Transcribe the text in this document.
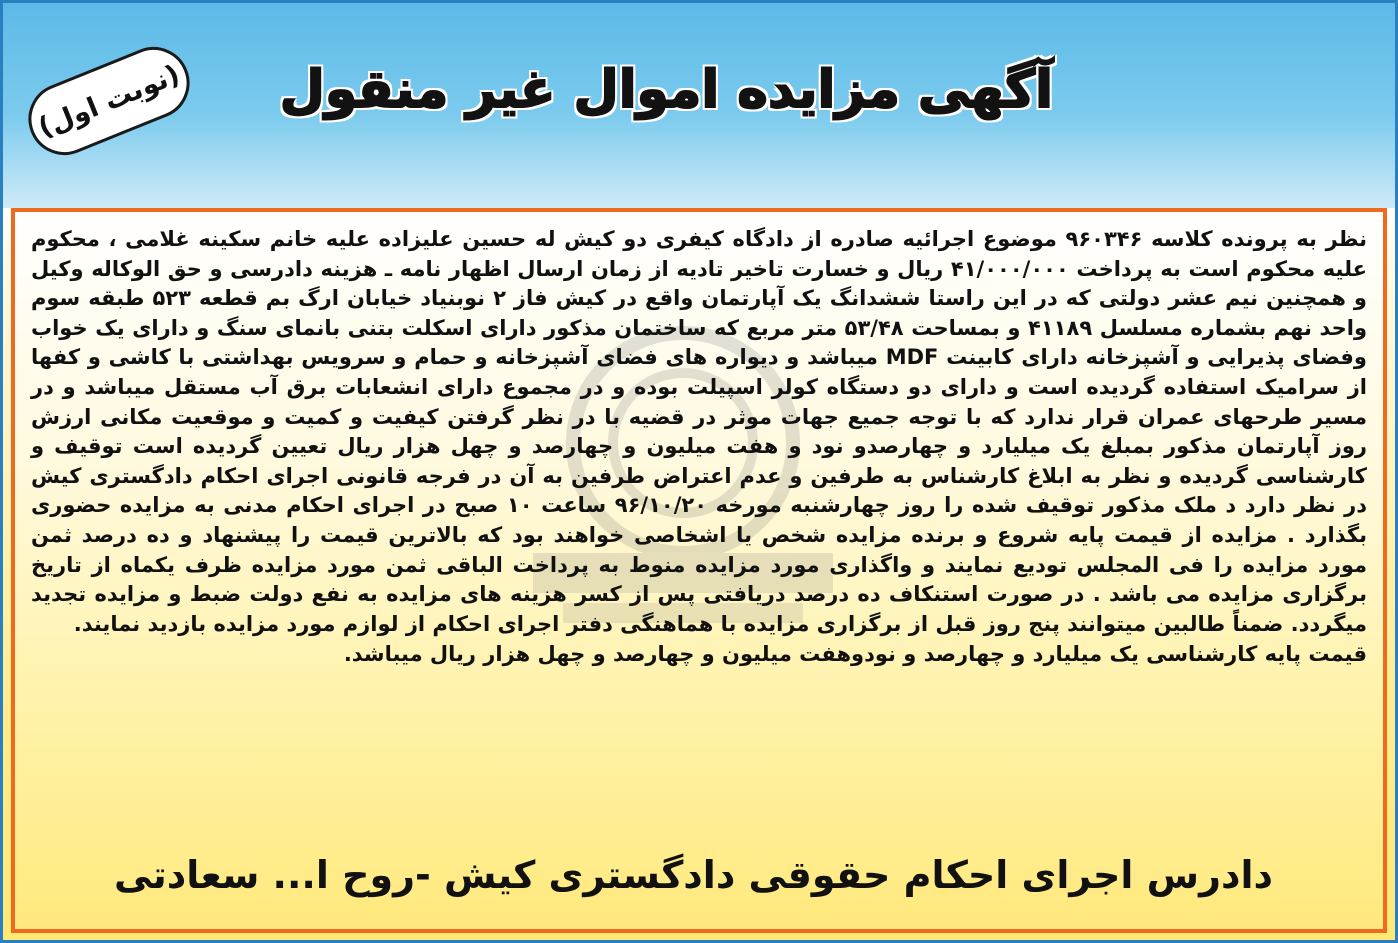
(نوبت اول) آگهی مزایده اموال غیر منقول

نظر به پرونده کلاسه ۹۶۰۳۴۶ موضوع اجرائیه صادره از دادگاه کیفری دو کیش له حسین علیزاده علیه خانم سکینه غلامی ، محکوم علیه محکوم است به پرداخت ۴۱/۰۰۰/۰۰۰ ریال و خسارت تاخیر تادیه از زمان ارسال اظهار نامه ـ هزینه دادرسی و حق الوکاله وکیل و همچنین نیم عشر دولتی که در این راستا ششدانگ یک آپارتمان واقع در کیش فاز ۲ نوبنیاد خیابان ارگ بم قطعه ۵۲۳ طبقه سوم واحد نهم بشماره مسلسل ۴۱۱۸۹ و بمساحت ۵۳/۴۸ متر مربع که ساختمان مذکور دارای اسکلت بتنی بانمای سنگ و دارای یک خواب وفضای پذیرایی و آشپزخانه دارای کابینت MDF میباشد و دیواره های فضای آشپزخانه و حمام و سرویس بهداشتی با کاشی و کفها از سرامیک استفاده گردیده است و دارای دو دستگاه کولر اسپیلت بوده و در مجموع دارای انشعابات برق آب مستقل میباشد و در مسیر طرحهای عمران قرار ندارد که با توجه جمیع جهات موثر در قضیه با در نظر گرفتن کیفیت و کمیت و موقعیت مکانی ارزش روز آپارتمان مذکور بمبلغ یک میلیارد و چهارصدو نود و هفت میلیون و چهارصد و چهل هزار ریال تعیین گردیده است توقیف و کارشناسی گردیده و نظر به ابلاغ کارشناس به طرفین و عدم اعتراض طرفین به آن در فرجه قانونی اجرای احکام دادگستری کیش در نظر دارد د ملک مذکور توقیف شده را روز چهارشنبه مورخه ۹۶/۱۰/۲۰ ساعت ۱۰ صبح در اجرای احکام مدنی به مزایده حضوری بگذارد . مزایده از قیمت پایه شروع و برنده مزایده شخص یا اشخاصی خواهند بود که بالاترین قیمت را پیشنهاد و ده درصد ثمن مورد مزایده را فی المجلس تودیع نمایند و واگذاری مورد مزایده منوط به پرداخت الباقی ثمن مورد مزایده ظرف یکماه از تاریخ برگزاری مزایده می باشد . در صورت استنکاف ده درصد دریافتی پس از کسر هزینه های مزایده به نفع دولت ضبط و مزایده تجدید میگردد. ضمناً طالبین میتوانند پنج روز قبل از برگزاری مزایده با هماهنگی دفتر اجرای احکام از لوازم مورد مزایده بازدید نمایند.

قیمت پایه کارشناسی یک میلیارد و چهارصد و نودوهفت میلیون و چهارصد و چهل هزار ریال میباشد.

دادرس اجرای احکام حقوقی دادگستری کیش -روح ا... سعادتی
